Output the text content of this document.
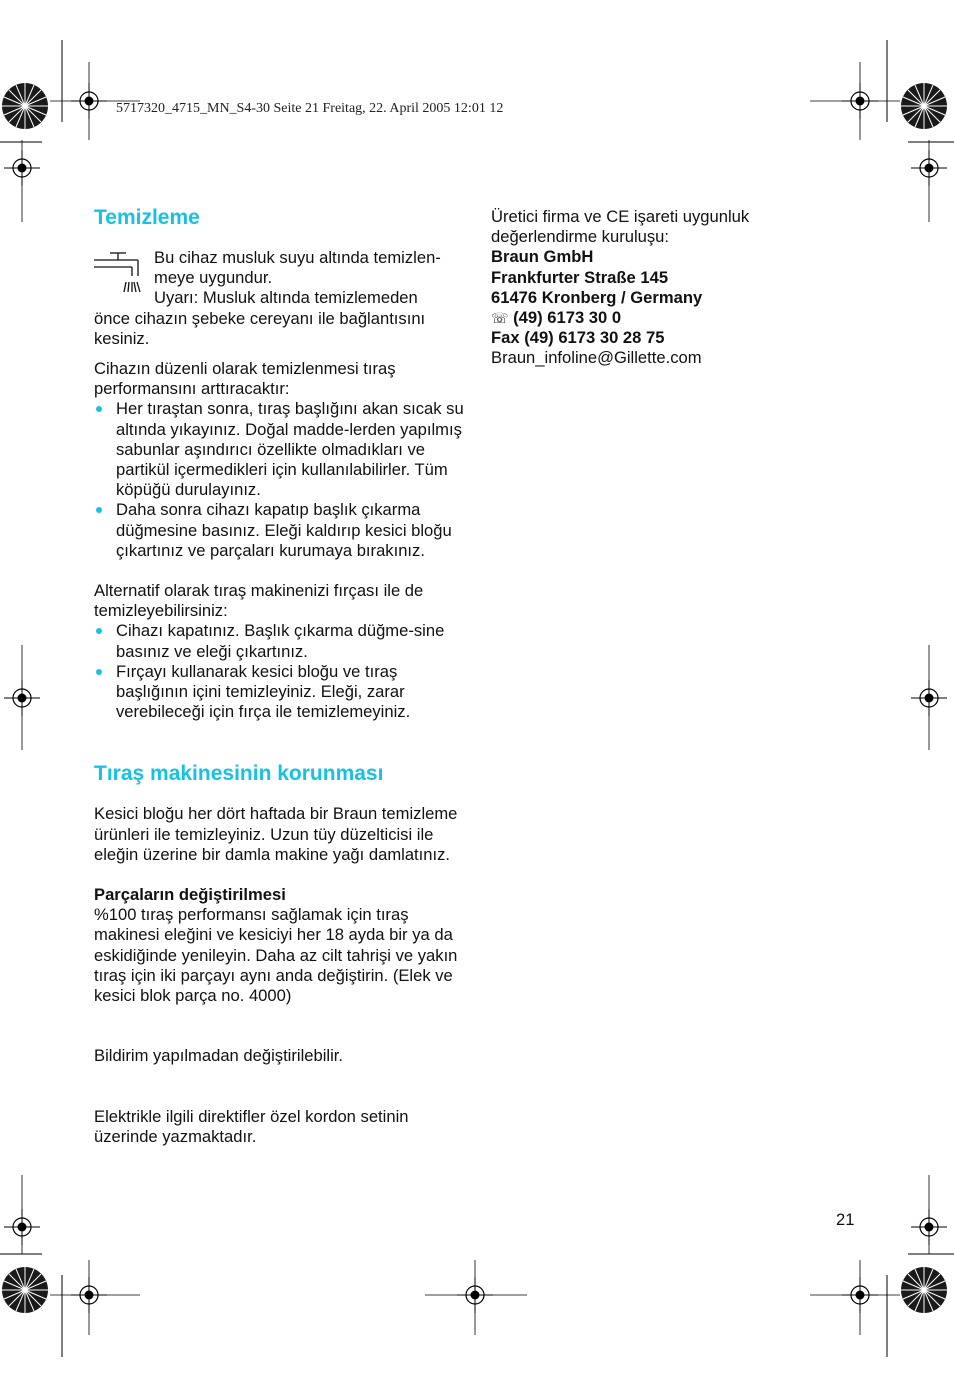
5717320_4715_MN_S4-30 Seite 21 Freitag, 22. April 2005 12:01 12
Temizleme
Bu cihaz musluk suyu altında temizlen-
meye uygundur.
Uyarı: Musluk altında temizlemeden

önce cihazın şebeke cereyanı ile bağlantısını kesiniz.

Cihazın düzenli olarak temizlenmesi tıraş performansını arttıracaktır:

Her tıraştan sonra, tıraş başlığını akan sıcak su altında yıkayınız. Doğal madde-lerden yapılmış sabunlar aşındırıcı özellikte olmadıkları ve partikül içermedikleri için kullanılabilirler. Tüm köpüğü durulayınız.
Daha sonra cihazı kapatıp başlık çıkarma düğmesine basınız. Eleği kaldırıp kesici bloğu çıkartınız ve parçaları kurumaya bırakınız.

Alternatif olarak tıraş makinenizi fırçası ile de temizleyebilirsiniz:

Cihazı kapatınız. Başlık çıkarma düğme-sine basınız ve eleği çıkartınız.
Fırçayı kullanarak kesici bloğu ve tıraş başlığının içini temizleyiniz. Eleği, zarar verebileceği için fırça ile temizlemeyiniz.
Tıraş makinesinin korunması

Kesici bloğu her dört haftada bir Braun temizleme ürünleri ile temizleyiniz. Uzun tüy düzelticisi ile eleğin üzerine bir damla makine yağı damlatınız.

Parçaların değiştirilmesi

%100 tıraş performansı sağlamak için tıraş makinesi eleğini ve kesiciyi her 18 ayda bir ya da eskidiğinde yenileyin. Daha az cilt tahrişi ve yakın tıraş için iki parçayı aynı anda değiştirin. (Elek ve kesici blok parça no. 4000)

Bildirim yapılmadan değiştirilebilir.

Elektrikle ilgili direktifler özel kordon setinin üzerinde yazmaktadır.

Üretici firma ve CE işareti uygunluk
değerlendirme kuruluşu:
Braun GmbH
Frankfurter Straße 145
61476 Kronberg / Germany
☏ (49) 6173 30 0
Fax (49) 6173 30 28 75
Braun_infoline@Gillette.com
21
